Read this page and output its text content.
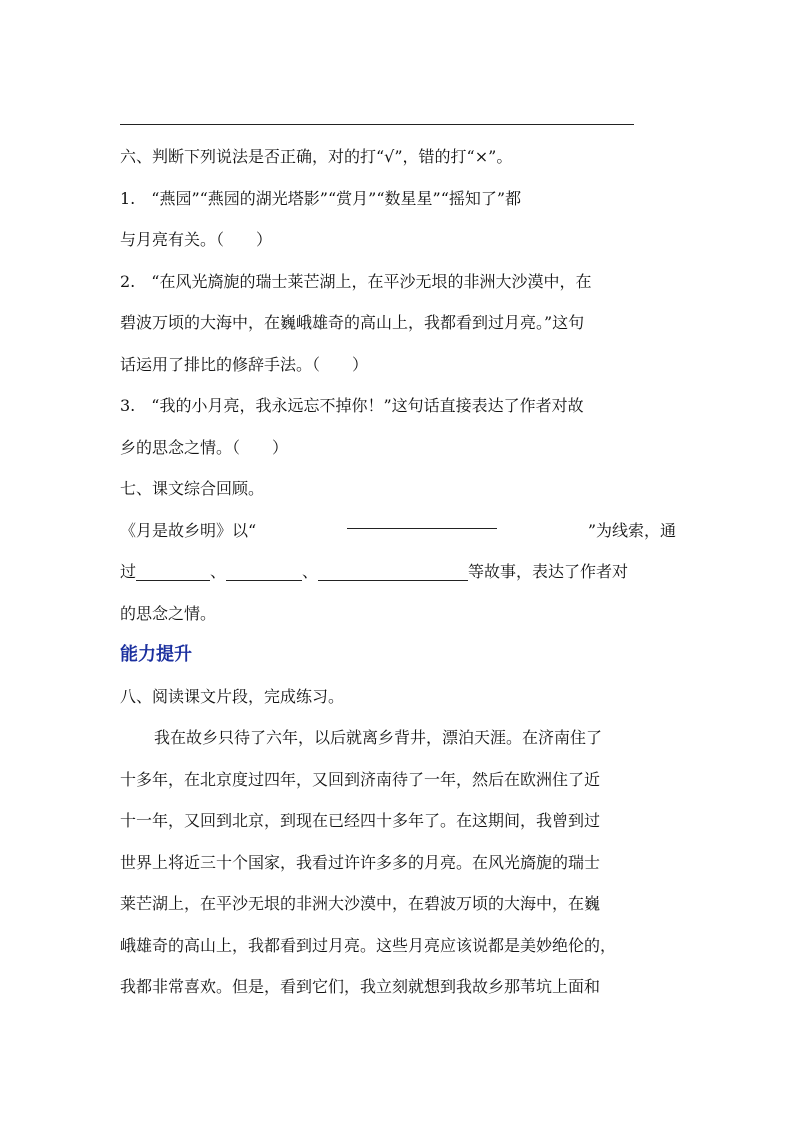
六、判断下列说法是否正确，对的打“√”，错的打“×”。
1.　“燕园”“燕园的湖光塔影”“赏月”“数星星”“摇知了”都
与月亮有关。（　　）
2.　“在风光旖旎的瑞士莱芒湖上，在平沙无垠的非洲大沙漠中，在
碧波万顷的大海中，在巍峨雄奇的高山上，我都看到过月亮。”这句
话运用了排比的修辞手法。（　　）
3.　“我的小月亮，我永远忘不掉你！”这句话直接表达了作者对故
乡的思念之情。（　　）
七、课文综合回顾。
《月是故乡明》以“	”为线索，通
过	、	、	等故事，表达了作者对
的思念之情。
能力提升
八、阅读课文片段，完成练习。
我在故乡只待了六年，以后就离乡背井，漂泊天涯。在济南住了
十多年，在北京度过四年，又回到济南待了一年，然后在欧洲住了近
十一年，又回到北京，到现在已经四十多年了。在这期间，我曾到过
世界上将近三十个国家，我看过许许多多的月亮。在风光旖旎的瑞士
莱芒湖上，在平沙无垠的非洲大沙漠中，在碧波万顷的大海中，在巍
峨雄奇的高山上，我都看到过月亮。这些月亮应该说都是美妙绝伦的，
我都非常喜欢。但是，看到它们，我立刻就想到我故乡那苇坑上面和
